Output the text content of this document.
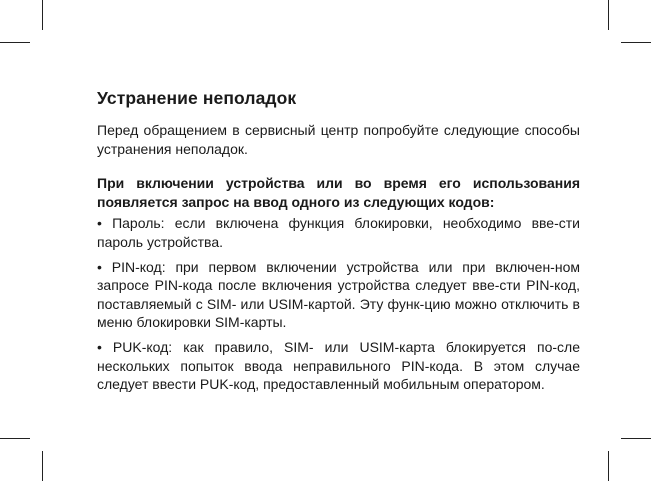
Устранение неполадок

Перед обращением в сервисный центр попробуйте следующие способы устранения неполадок.

При включении устройства или во время его использования появляется запрос на ввод одного из следующих кодов:

• Пароль: если включена функция блокировки, необходимо вве-сти пароль устройства.

• PIN-код: при первом включении устройства или при включен-ном запросе PIN-кода после включения устройства следует вве-сти PIN-код, поставляемый с SIM- или USIM-картой. Эту функ-цию можно отключить в меню блокировки SIM-карты.

• PUK-код: как правило, SIM- или USIM-карта блокируется по-сле нескольких попыток ввода неправильного PIN-кода. В этом случае следует ввести PUK-код, предоставленный мобильным оператором.
